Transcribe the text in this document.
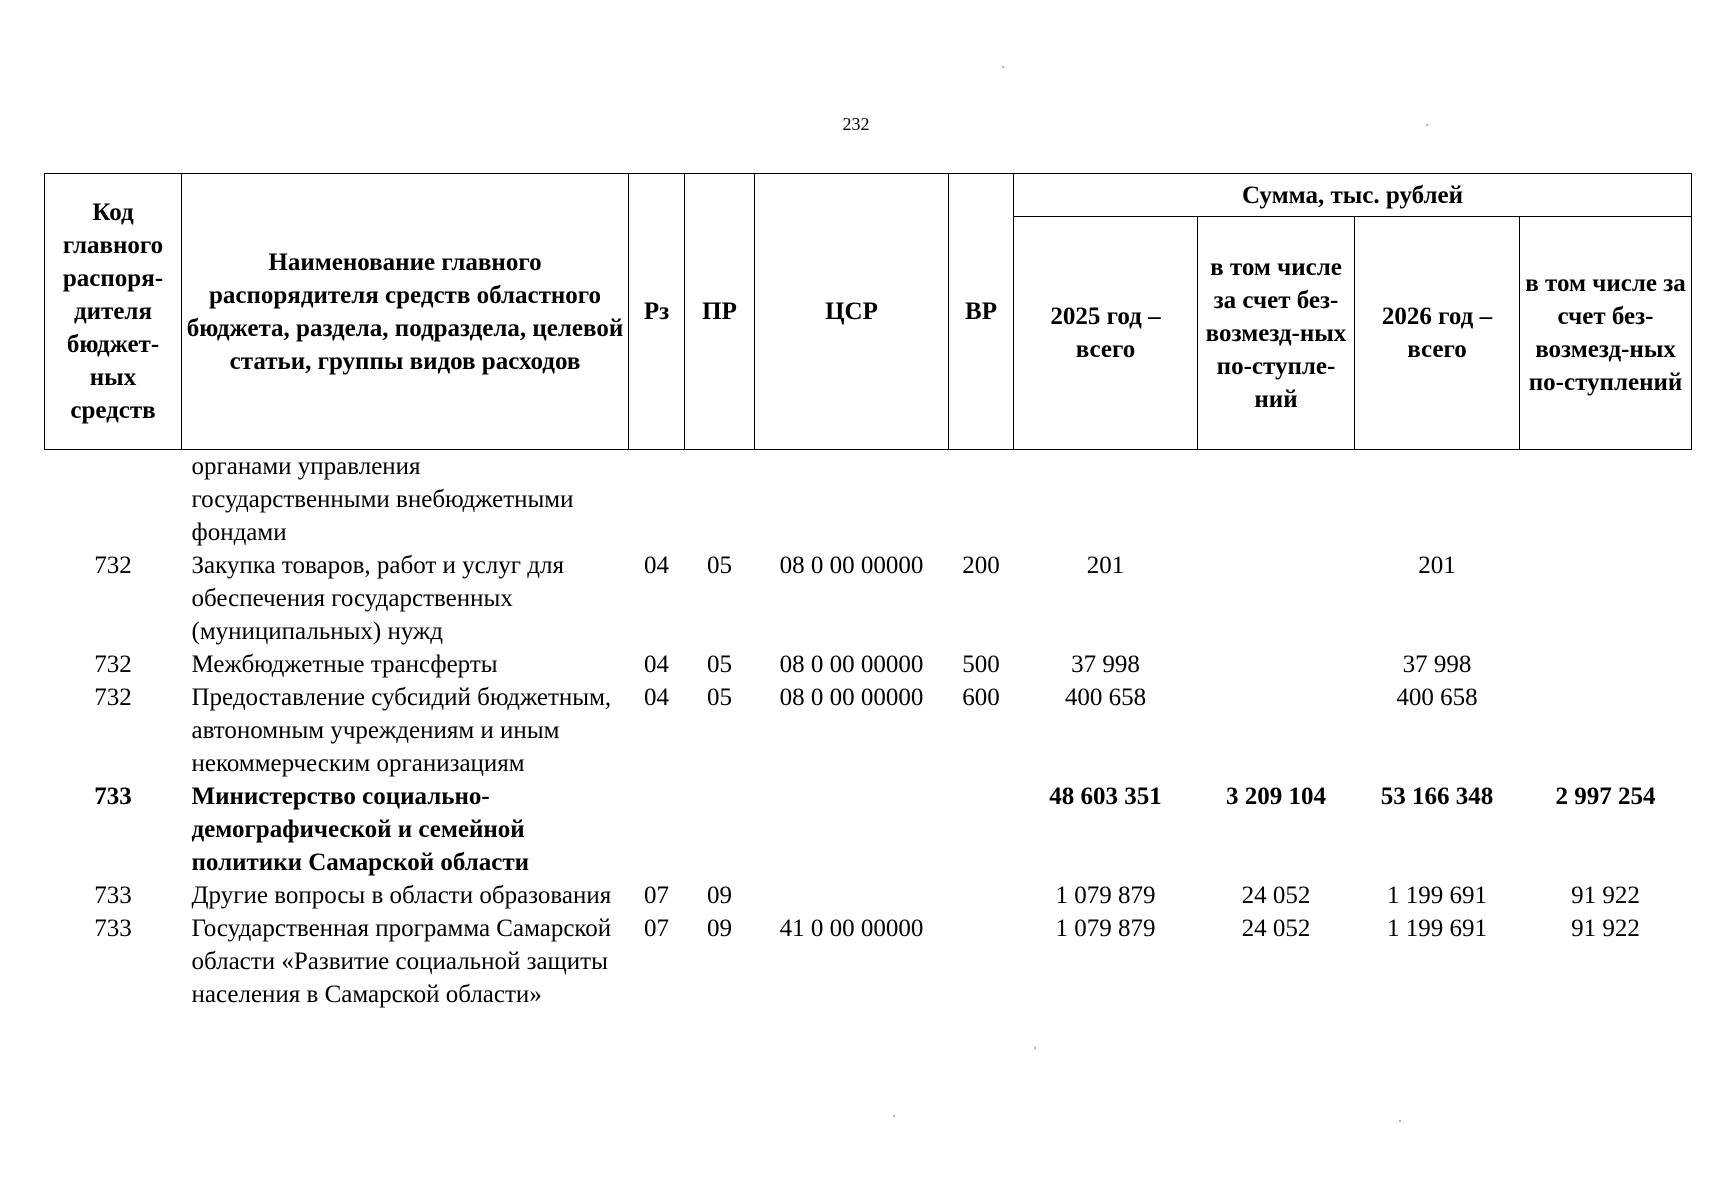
232
Код главного распоря-дителя бюджет-ных средств	Наименование главного распорядителя средств областного бюджета, раздела, подраздела, целевой статьи, группы видов расходов	Рз	ПР	ЦСР	ВР	Сумма, тыс. рублей			
						2025 год – всего	в том числе за счет без-возмезд-ных по-ступле-ний	2026 год – всего	в том числе за счет без-возмезд-ных по-ступлений
	органами управления государственными внебюджетными фондами								
732	Закупка товаров, работ и услуг для обеспечения государственных (муниципальных) нужд	04	05	08 0 00 00000	200	201		201	
732	Межбюджетные трансферты	04	05	08 0 00 00000	500	37 998		37 998	
732	Предоставление субсидий бюджетным, автономным учреждениям и иным некоммерческим организациям	04	05	08 0 00 00000	600	400 658		400 658	
733	Министерство социально-демографической и семейной политики Самарской области					48 603 351	3 209 104	53 166 348	2 997 254
733	Другие вопросы в области образования	07	09			1 079 879	24 052	1 199 691	91 922
733	Государственная программа Самарской области «Развитие социальной защиты населения в Самарской области»	07	09	41 0 00 00000		1 079 879	24 052	1 199 691	91 922
